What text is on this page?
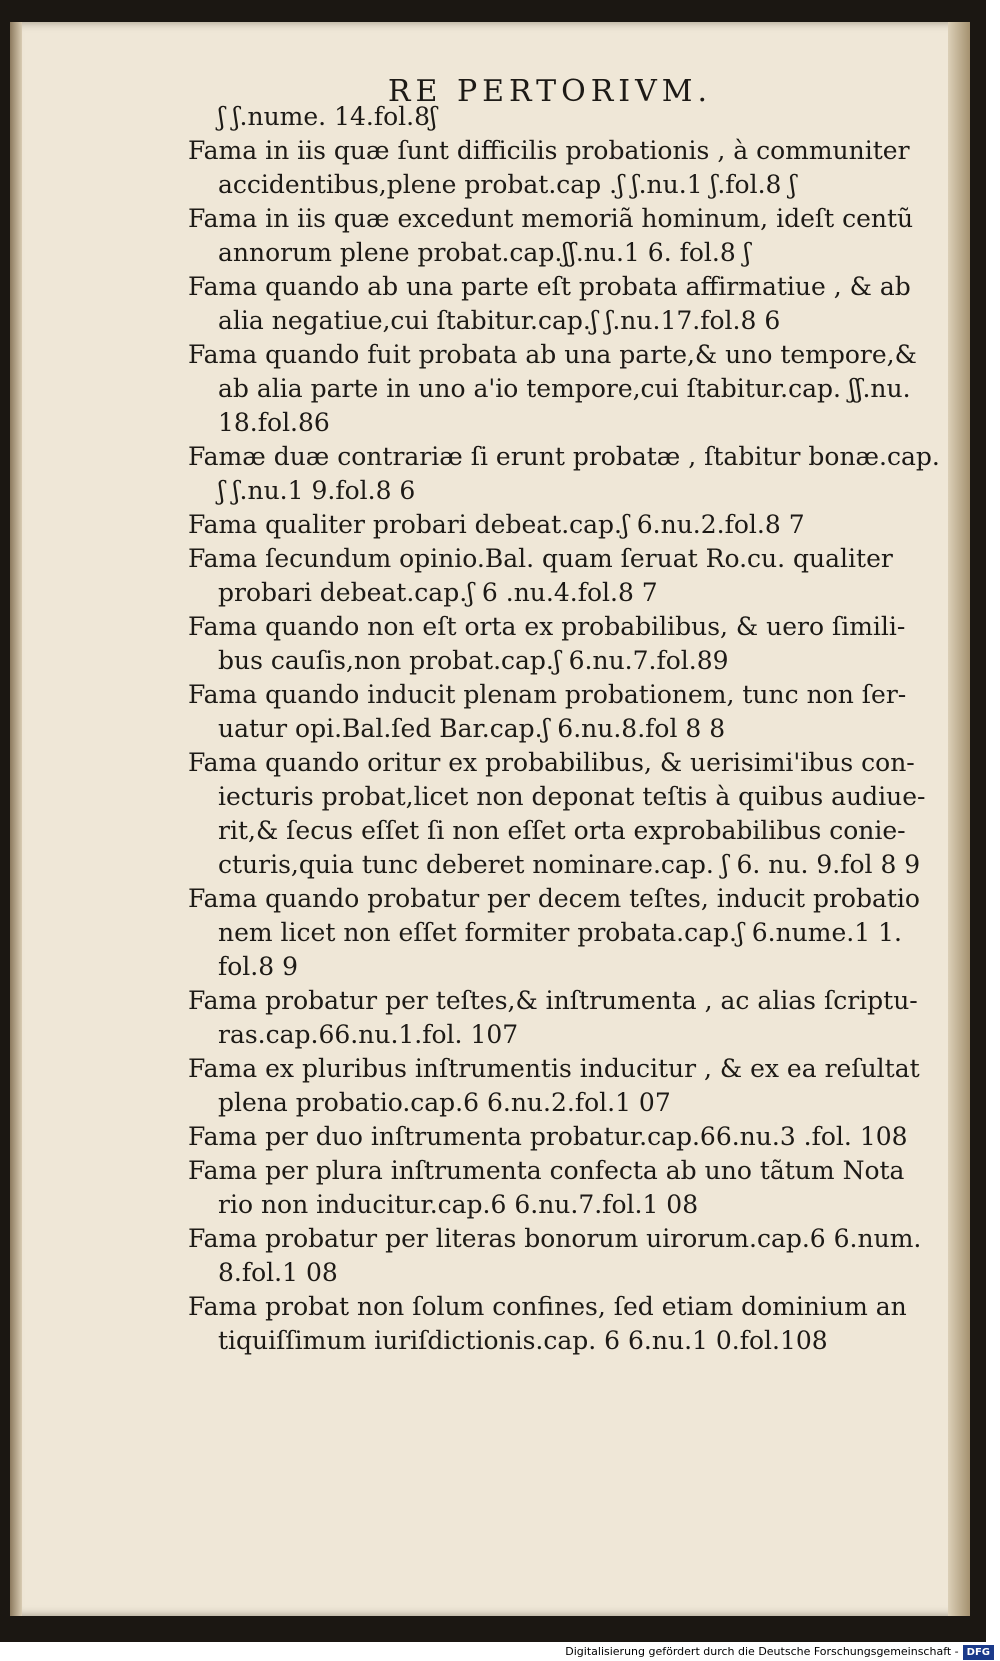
RE PERTORIVM.
ʃ ʃ.nume. 14.fol.8ʃ
Fama in iis quæ ſunt difficilis probationis , à communiter
accidentibus,plene probat.cap .ʃ ʃ.nu.1 ʃ.fol.8 ʃ
Fama in iis quæ excedunt memoriã hominum, ideſt centũ
annorum plene probat.cap.ʃʃ.nu.1 6. fol.8 ʃ
Fama quando ab una parte eſt probata affirmatiue , & ab
alia negatiue,cui ſtabitur.cap.ʃ ʃ.nu.17.fol.8 6
Fama quando fuit probata ab una parte,& uno tempore,&
ab alia parte in uno a'io tempore,cui ſtabitur.cap. ʃʃ.nu.
18.fol.86
Famæ duæ contrariæ ſi erunt probatæ , ſtabitur bonæ.cap.
ʃ ʃ.nu.1 9.fol.8 6
Fama qualiter probari debeat.cap.ʃ 6.nu.2.fol.8 7
Fama ſecundum opinio.Bal. quam ſeruat Ro.cu. qualiter
probari debeat.cap.ʃ 6 .nu.4.fol.8 7
Fama quando non eſt orta ex probabilibus, & uero ſimili-
bus cauſis,non probat.cap.ʃ 6.nu.7.fol.89
Fama quando inducit plenam probationem, tunc non ſer-
uatur opi.Bal.ſed Bar.cap.ʃ 6.nu.8.fol 8 8
Fama quando oritur ex probabilibus, & uerisimi'ibus con-
iecturis probat,licet non deponat teſtis à quibus audiue-
rit,& ſecus eſſet ſi non eſſet orta exprobabilibus conie-
cturis,quia tunc deberet nominare.cap. ʃ 6. nu. 9.fol 8 9
Fama quando probatur per decem teſtes, inducit probatio
nem licet non eſſet formiter probata.cap.ʃ 6.nume.1 1.
fol.8 9
Fama probatur per teſtes,& inſtrumenta , ac alias ſcriptu-
ras.cap.66.nu.1.fol. 107
Fama ex pluribus inſtrumentis inducitur , & ex ea reſultat
plena probatio.cap.6 6.nu.2.fol.1 07
Fama per duo inſtrumenta probatur.cap.66.nu.3 .fol. 108
Fama per plura inſtrumenta confecta ab uno tãtum Nota
rio non inducitur.cap.6 6.nu.7.fol.1 08
Fama probatur per literas bonorum uirorum.cap.6 6.num.
8.fol.1 08
Fama probat non ſolum confines, ſed etiam dominium an
tiquiſſimum iuriſdictionis.cap. 6 6.nu.1 0.fol.108
Digitalisierung gefördert durch die Deutsche Forschungsgemeinschaft - DFG
